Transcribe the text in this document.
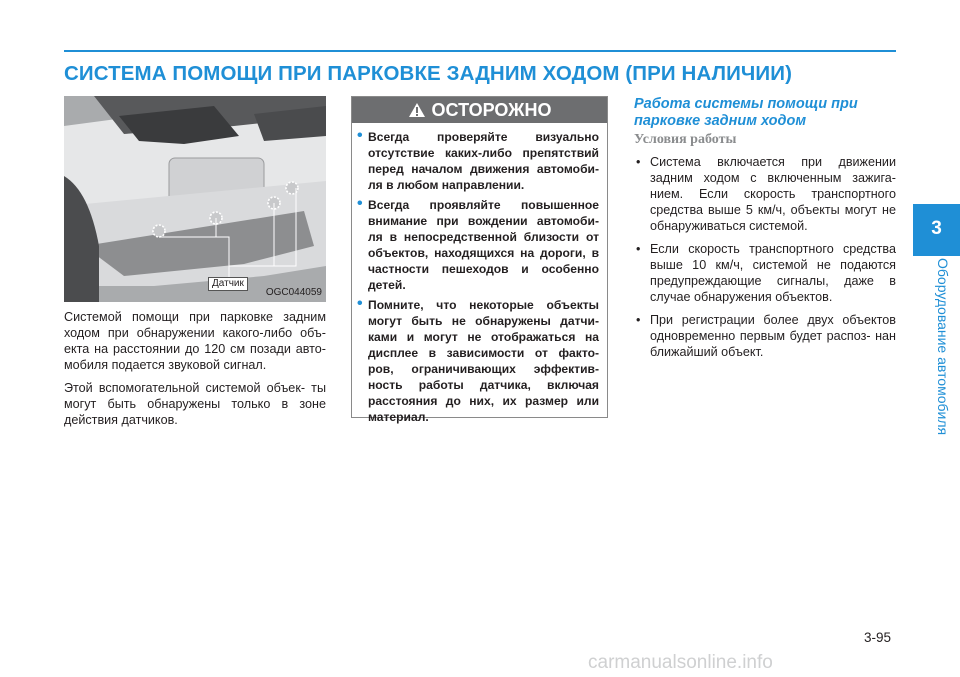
СИСТЕМА ПОМОЩИ ПРИ ПАРКОВКЕ ЗАДНИМ ХОДОМ (ПРИ НАЛИЧИИ)
3
Оборудование автомобиля
OGC044059
Датчик

Системой помощи при парковке задним ходом при обнаружении какого-либо объ- екта на расстоянии до 120 см позади авто- мобиля подается звуковой сигнал.

Этой вспомогательной системой объек- ты могут быть обнаружены только в зоне действия датчиков.

ОСТОРОЖНО
• Всегда проверяйте визуально отсутствие каких-либо препятствий перед началом движения автомоби- ля в любом направлении.
• Всегда проявляйте повышенное внимание при вождении автомоби- ля в непосредственной близости от объектов, находящихся на дороги, в частности пешеходов и особенно детей.
• Помните, что некоторые объекты могут быть не обнаружены датчи- ками и могут не отображаться на дисплее в зависимости от факто- ров, ограничивающих эффектив- ность работы датчика, включая расстояния до них, их размер или материал.
Работа системы помощи при парковке задним ходом
Условия работы
• Система включается при движении задним ходом с включенным зажига- нием. Если скорость транспортного средства выше 5 км/ч, объекты могут не обнаруживаться системой.
• Если скорость транспортного средства выше 10 км/ч, системой не подаются предупреждающие сигналы, даже в случае обнаружения объектов.
• При регистрации более двух объектов одновременно первым будет распоз- нан ближайший объект.
3-95
carmanualsonline.info
